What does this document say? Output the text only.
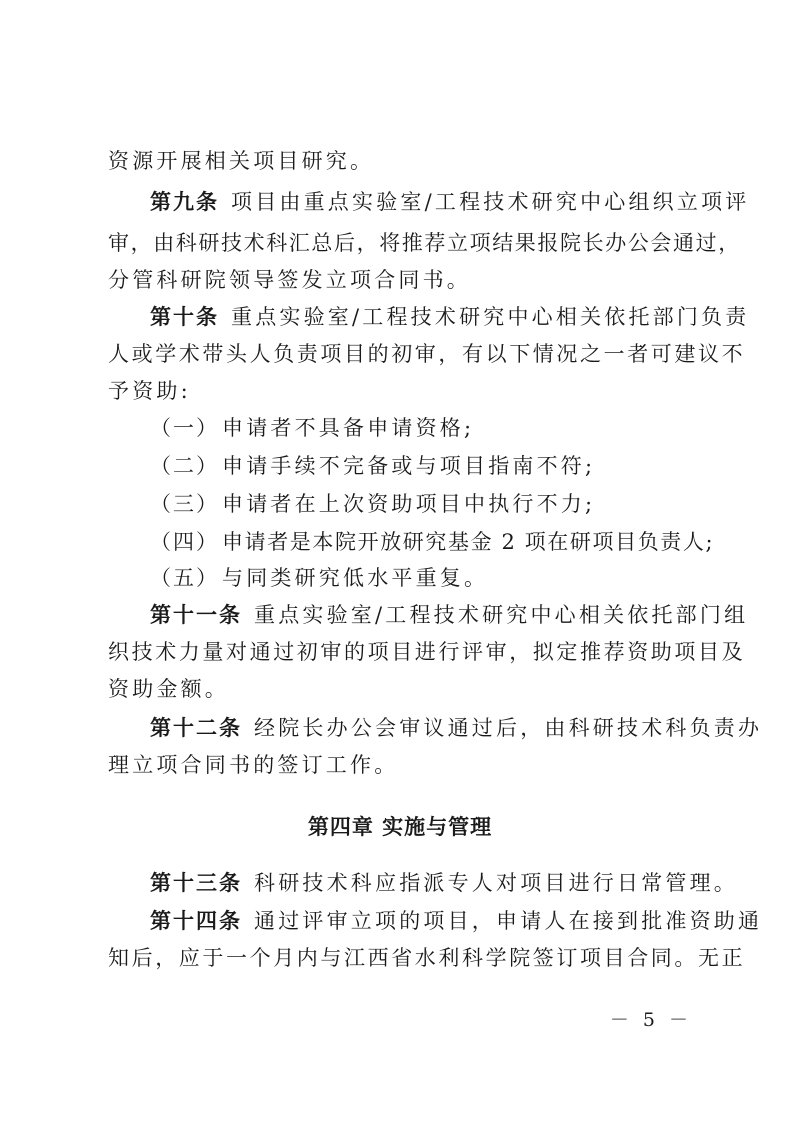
资源开展相关项目研究。
第九条 项目由重点实验室/工程技术研究中心组织立项评
审，由科研技术科汇总后，将推荐立项结果报院长办公会通过，
分管科研院领导签发立项合同书。
第十条 重点实验室/工程技术研究中心相关依托部门负责
人或学术带头人负责项目的初审，有以下情况之一者可建议不
予资助:
（一） 申请者不具备申请资格;
（二） 申请手续不完备或与项目指南不符;
（三） 申请者在上次资助项目中执行不力;
（四） 申请者是本院开放研究基金 2 项在研项目负责人;
（五） 与同类研究低水平重复。
第十一条 重点实验室/工程技术研究中心相关依托部门组
织技术力量对通过初审的项目进行评审，拟定推荐资助项目及
资助金额。
第十二条 经院长办公会审议通过后，由科研技术科负责办
理立项合同书的签订工作。
第四章 实施与管理
第十三条 科研技术科应指派专人对项目进行日常管理。
第十四条 通过评审立项的项目，申请人在接到批准资助通
知后，应于一个月内与江西省水利科学院签订项目合同。无正
－ 5 －
